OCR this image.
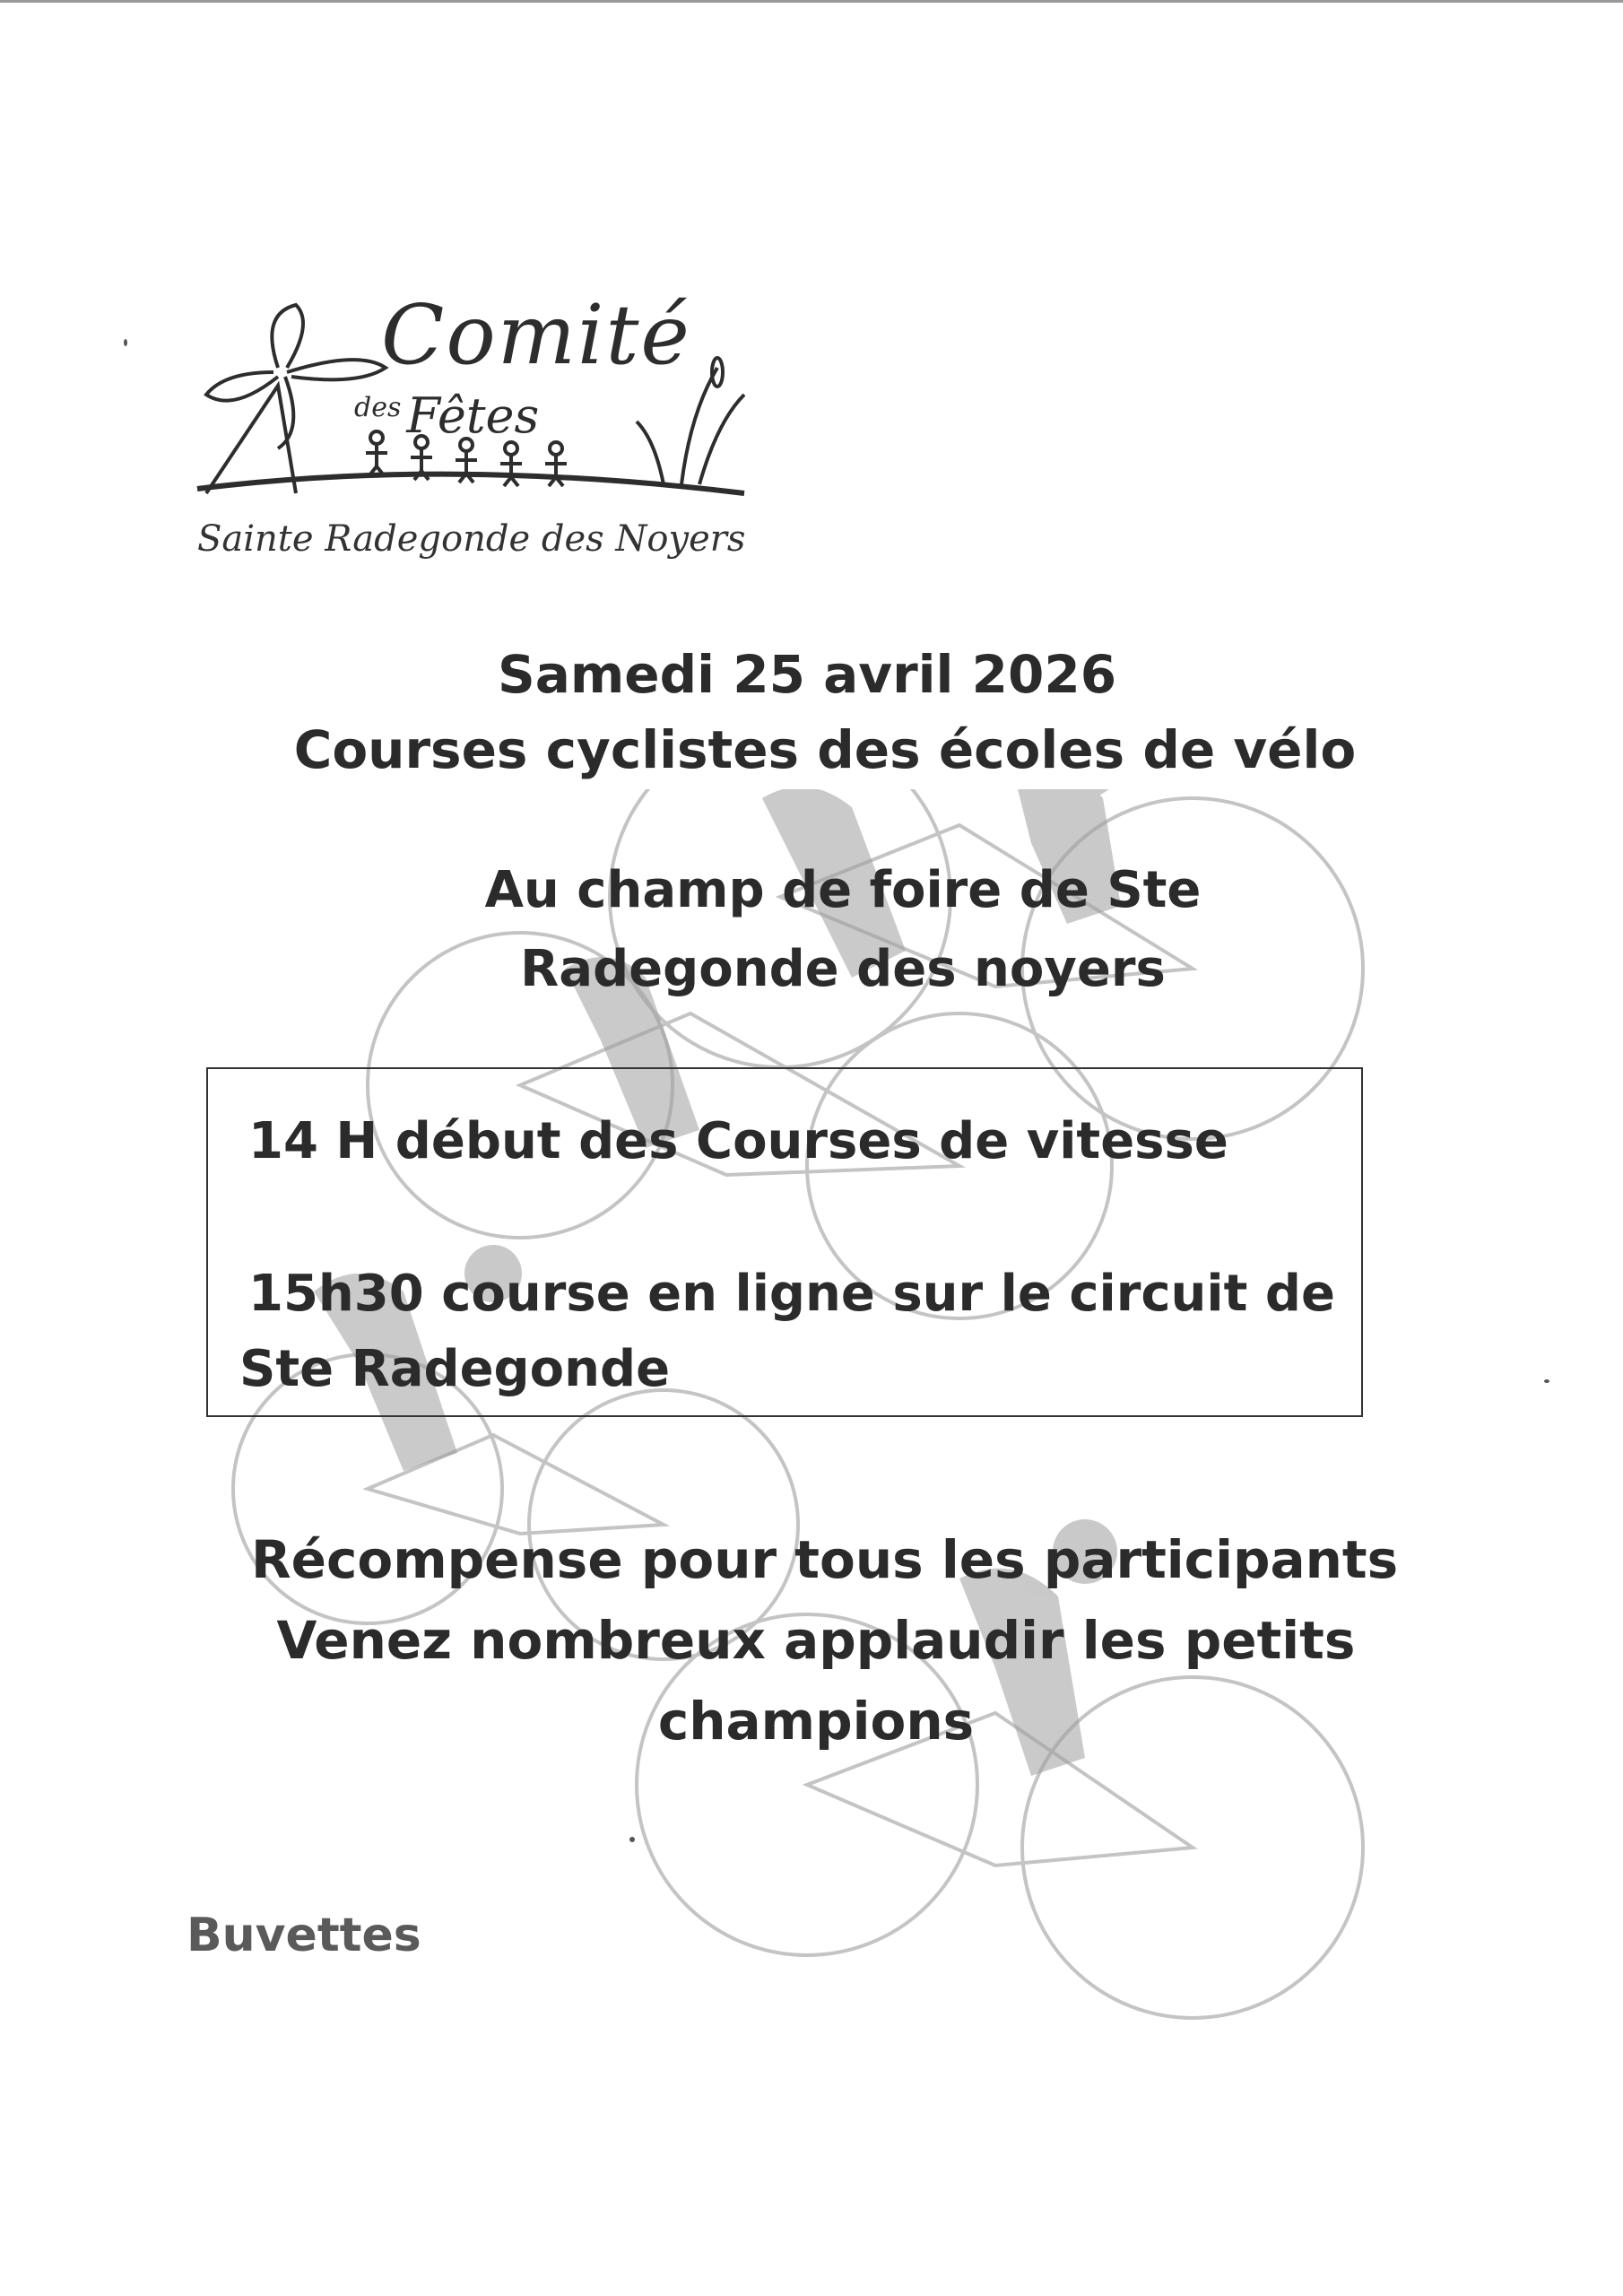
Comité
$^{des}$ Fêtes
Sainte Radegonde des Noyers
Samedi 25 avril 2026
Courses cyclistes des écoles de vélo
Au champ de foire de Ste
Radegonde des noyers
14 H début des Courses de vitesse
15h30 course en ligne sur le circuit de
Ste Radegonde
Récompense pour tous les participants
Venez nombreux applaudir les petits
champions
Buvettes
